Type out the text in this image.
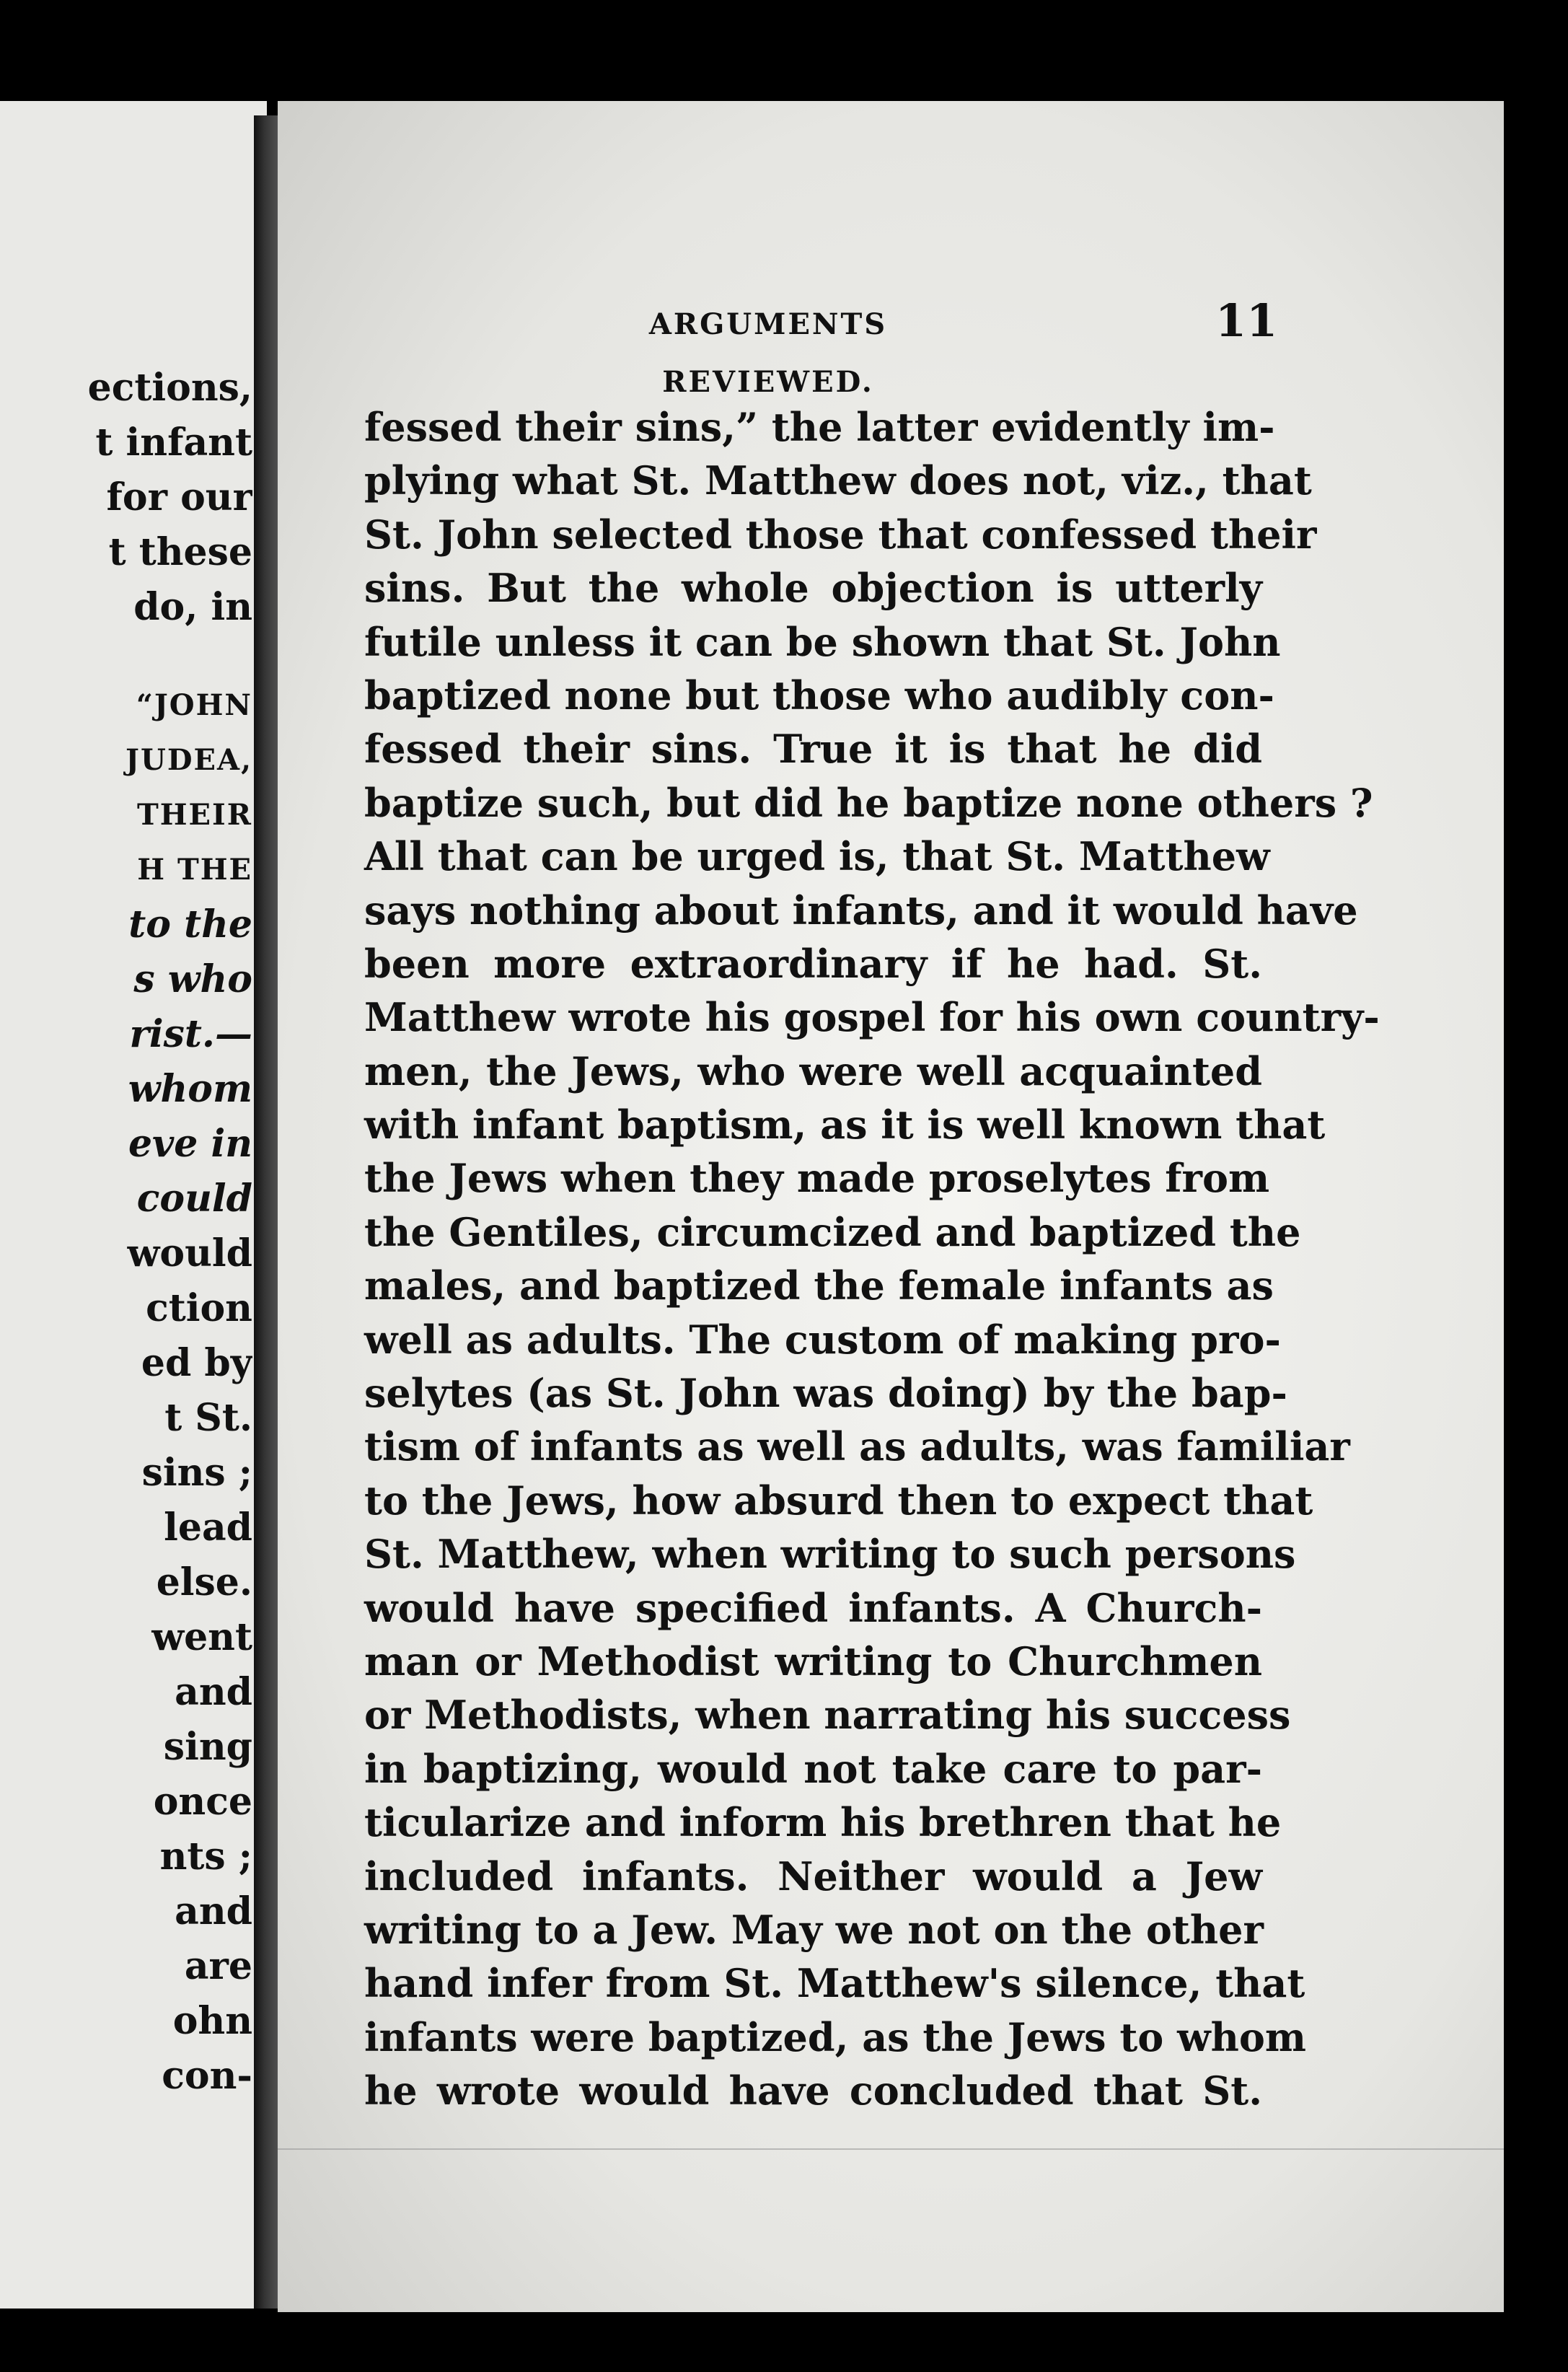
ections,
t infant
for our
t these
do, in
“JOHN
JUDEA,
THEIR
H THE
to the
s who
rist.—
whom
eve in
could
would
ction
ed by
t St.
sins ;
lead
else.
went
and
sing
once
nts ;
and
are
ohn
con-
ARGUMENTS REVIEWED.
11
fessed their sins,” the latter evidently im-
plying what St. Matthew does not, viz., that
St. John selected those that confessed their
sins. But the whole objection is utterly
futile unless it can be shown that St. John
baptized none but those who audibly con-
fessed their sins. True it is that he did
baptize such, but did he baptize none others ?
All that can be urged is, that St. Matthew
says nothing about infants, and it would have
been more extraordinary if he had. St.
Matthew wrote his gospel for his own country-
men, the Jews, who were well acquainted
with infant baptism, as it is well known that
the Jews when they made proselytes from
the Gentiles, circumcized and baptized the
males, and baptized the female infants as
well as adults. The custom of making pro-
selytes (as St. John was doing) by the bap-
tism of infants as well as adults, was familiar
to the Jews, how absurd then to expect that
St. Matthew, when writing to such persons
would have specified infants. A Church-
man or Methodist writing to Churchmen
or Methodists, when narrating his success
in baptizing, would not take care to par-
ticularize and inform his brethren that he
included infants. Neither would a Jew
writing to a Jew. May we not on the other
hand infer from St. Matthew's silence, that
infants were baptized, as the Jews to whom
he wrote would have concluded that St.
